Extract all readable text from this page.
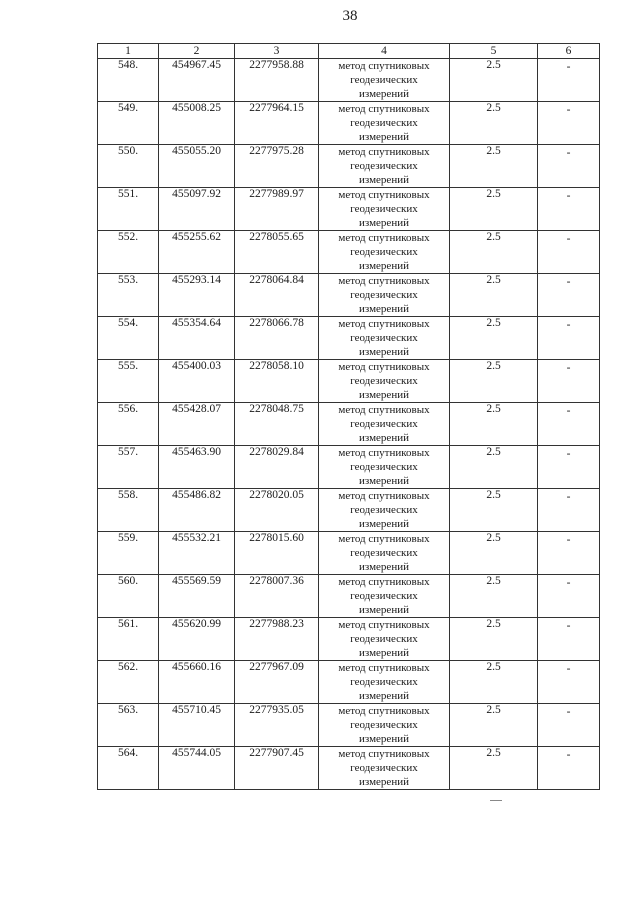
38
1	2	3	4	5	6
548.	454967.45	2277958.88	метод спутниковых
геодезических
измерений	2.5	-
549.	455008.25	2277964.15	метод спутниковых
геодезических
измерений	2.5	-
550.	455055.20	2277975.28	метод спутниковых
геодезических
измерений	2.5	-
551.	455097.92	2277989.97	метод спутниковых
геодезических
измерений	2.5	-
552.	455255.62	2278055.65	метод спутниковых
геодезических
измерений	2.5	-
553.	455293.14	2278064.84	метод спутниковых
геодезических
измерений	2.5	-
554.	455354.64	2278066.78	метод спутниковых
геодезических
измерений	2.5	-
555.	455400.03	2278058.10	метод спутниковых
геодезических
измерений	2.5	-
556.	455428.07	2278048.75	метод спутниковых
геодезических
измерений	2.5	-
557.	455463.90	2278029.84	метод спутниковых
геодезических
измерений	2.5	-
558.	455486.82	2278020.05	метод спутниковых
геодезических
измерений	2.5	-
559.	455532.21	2278015.60	метод спутниковых
геодезических
измерений	2.5	-
560.	455569.59	2278007.36	метод спутниковых
геодезических
измерений	2.5	-
561.	455620.99	2277988.23	метод спутниковых
геодезических
измерений	2.5	-
562.	455660.16	2277967.09	метод спутниковых
геодезических
измерений	2.5	-
563.	455710.45	2277935.05	метод спутниковых
геодезических
измерений	2.5	-
564.	455744.05	2277907.45	метод спутниковых
геодезических
измерений	2.5	-
